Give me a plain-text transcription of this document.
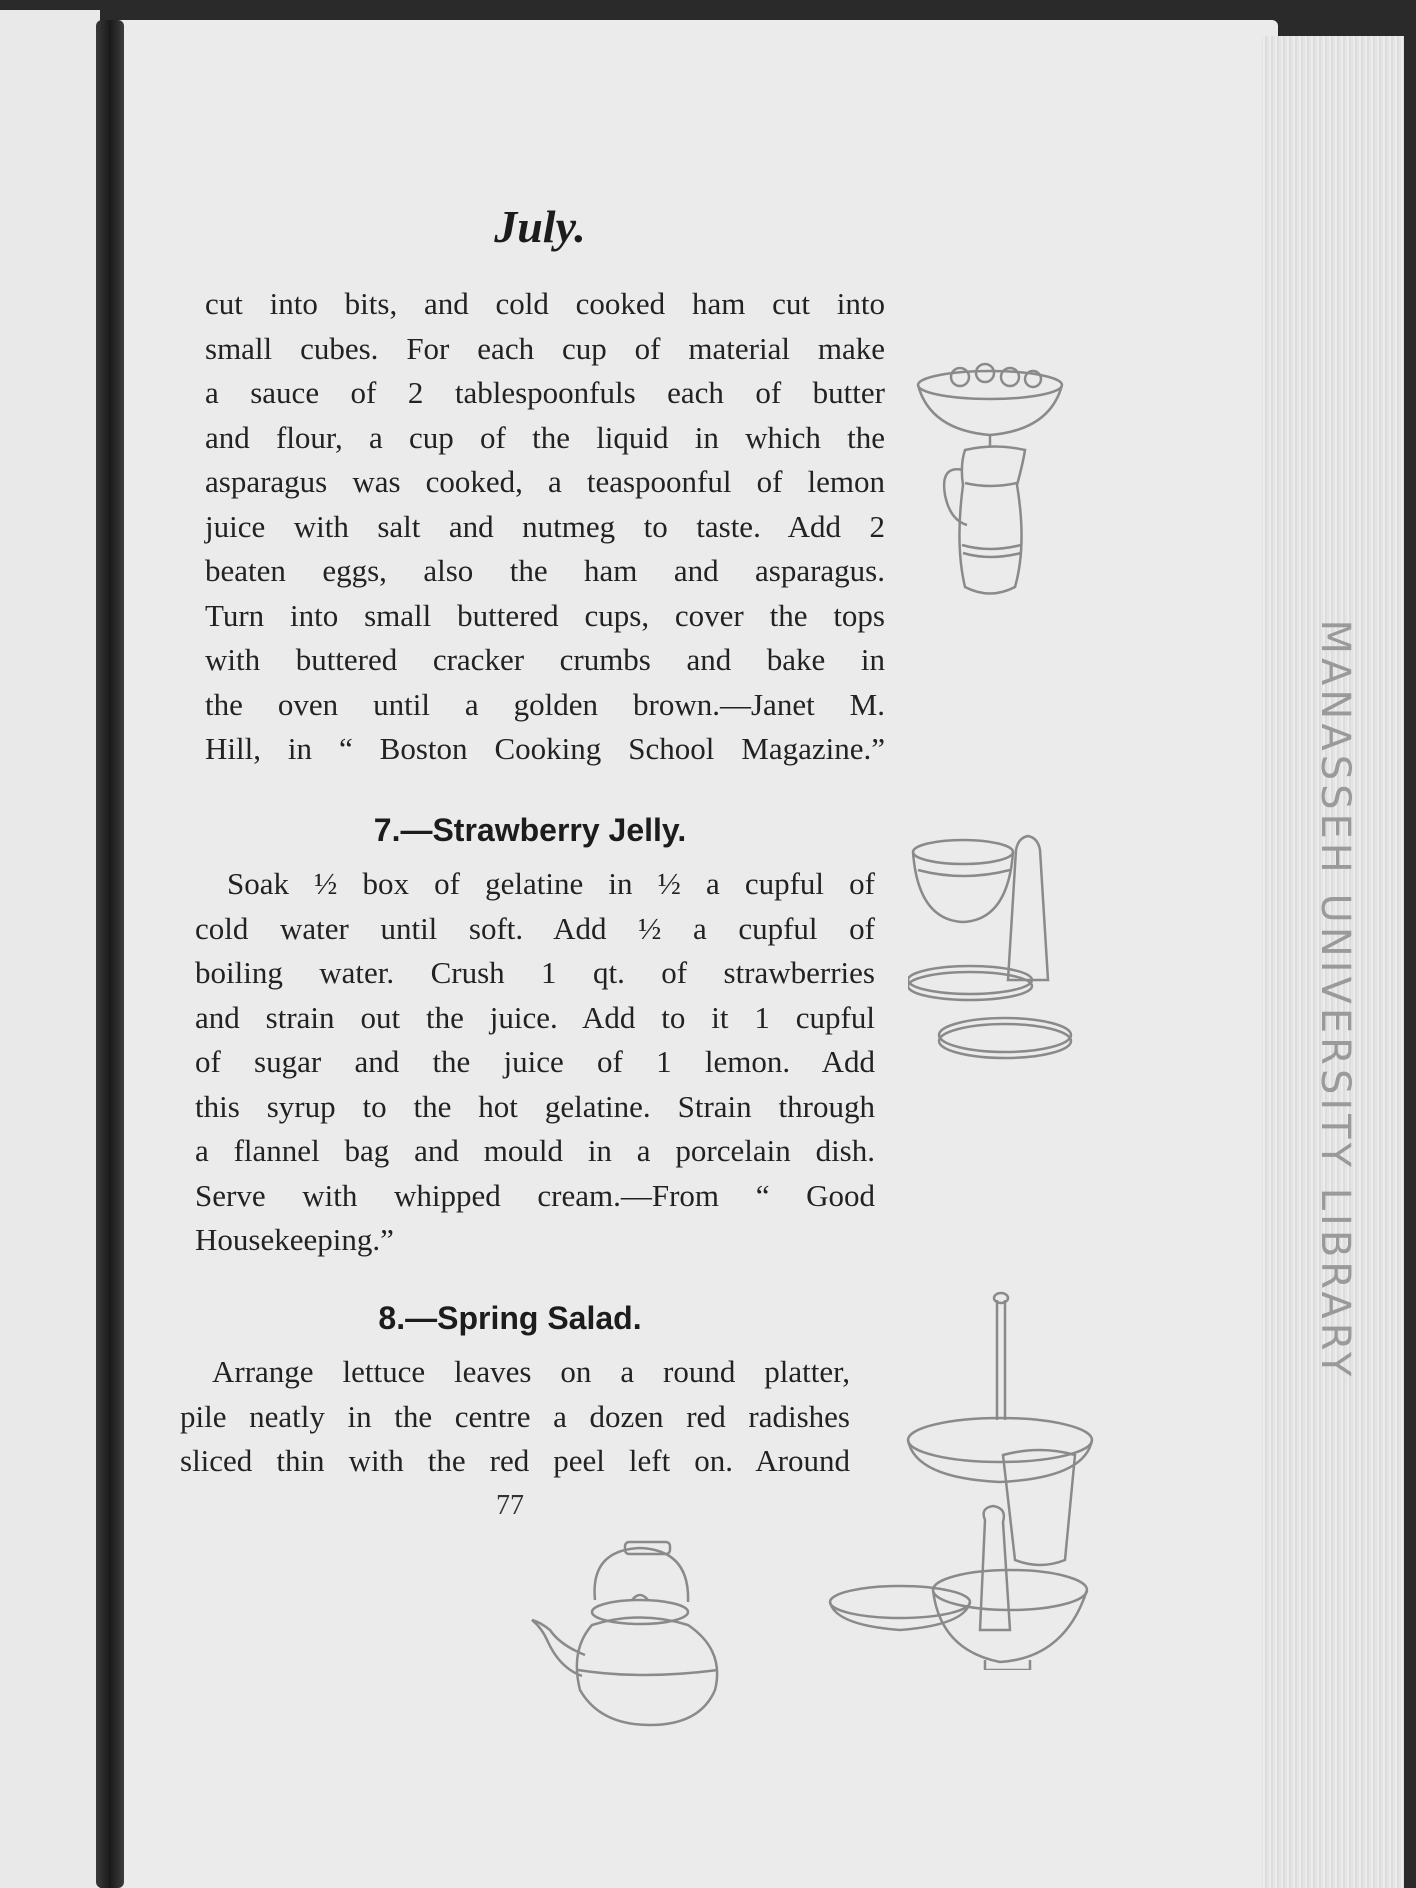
MANASSEH UNIVERSITY LIBRARY
July.
cut into bits, and cold cooked ham cut into
small cubes. For each cup of material make
a sauce of 2 tablespoonfuls each of butter
and flour, a cup of the liquid in which the
asparagus was cooked, a teaspoonful of lemon
juice with salt and nutmeg to taste. Add 2
beaten eggs, also the ham and asparagus.
Turn into small buttered cups, cover the tops
with buttered cracker crumbs and bake in
the oven until a golden brown.—Janet M.
Hill, in “ Boston Cooking School Magazine.”
7.—Strawberry Jelly.
Soak ½ box of gelatine in ½ a cupful of
cold water until soft. Add ½ a cupful of
boiling water. Crush 1 qt. of strawberries
and strain out the juice. Add to it 1 cupful
of sugar and the juice of 1 lemon. Add
this syrup to the hot gelatine. Strain through
a flannel bag and mould in a porcelain dish.
Serve with whipped cream.—From “ Good
Housekeeping.”
8.—Spring Salad.
Arrange lettuce leaves on a round platter,
pile neatly in the centre a dozen red radishes
sliced thin with the red peel left on. Around
77
